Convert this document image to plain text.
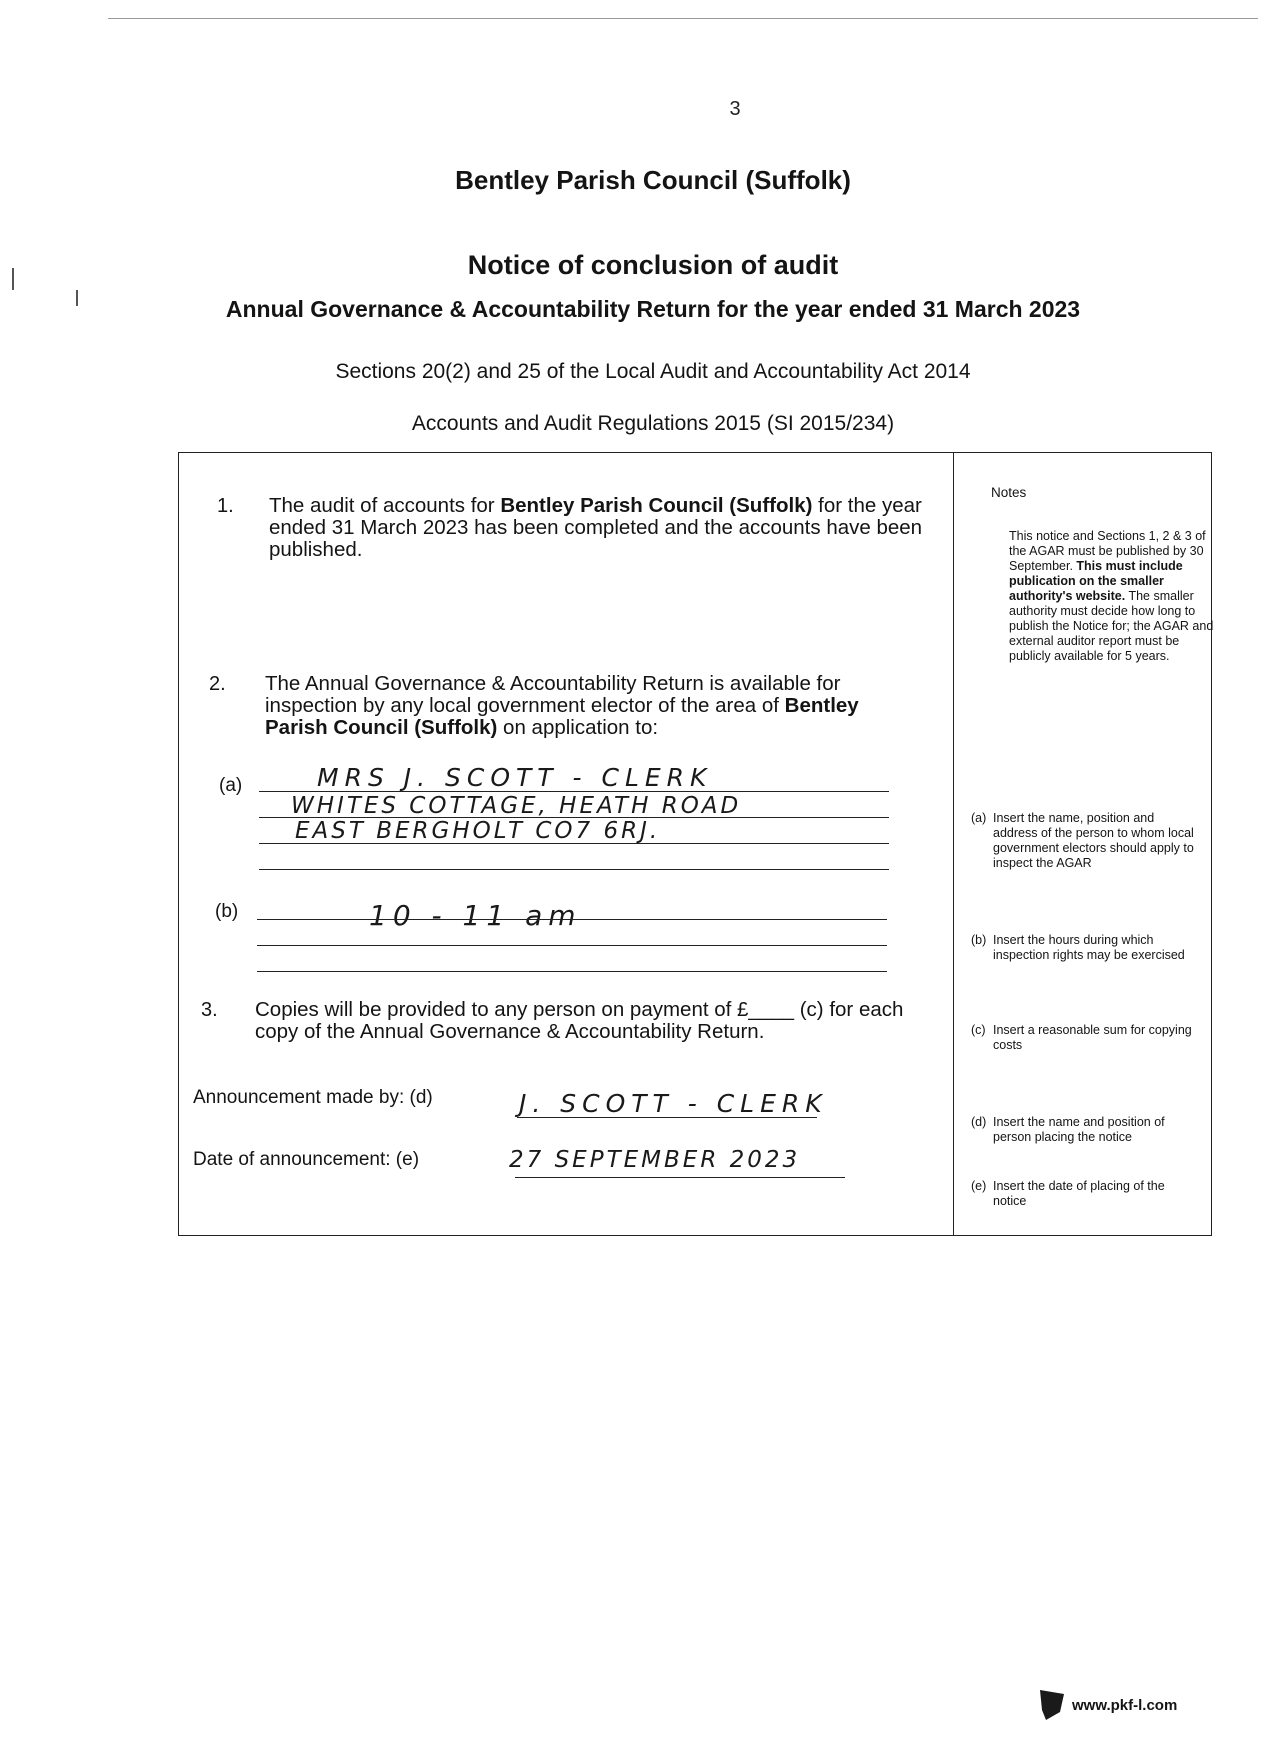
3
Bentley Parish Council (Suffolk)
Notice of conclusion of audit
Annual Governance & Accountability Return for the year ended 31 March 2023
Sections 20(2) and 25 of the Local Audit and Accountability Act 2014
Accounts and Audit Regulations 2015 (SI 2015/234)
1. The audit of accounts for Bentley Parish Council (Suffolk) for the year ended 31 March 2023 has been completed and the accounts have been published.
2. The Annual Governance & Accountability Return is available for inspection by any local government elector of the area of Bentley Parish Council (Suffolk) on application to:
(a)	MRS J. SCOTT - CLERK
WHITES COTTAGE, HEATH ROAD
EAST BERGHOLT CO7 6RJ.
(b)	10 - 11 am
3. Copies will be provided to any person on payment of £____ (c) for each
copy of the Annual Governance & Accountability Return.
Announcement made by: (d)	J. SCOTT - CLERK
Date of announcement: (e)	27 SEPTEMBER 2023
Notes
This notice and Sections 1, 2 & 3 of the AGAR must be published by 30 September. This must include publication on the smaller authority's website. The smaller authority must decide how long to publish the Notice for; the AGAR and external auditor report must be publicly available for 5 years.
(a) Insert the name, position and address of the person to whom local government electors should apply to inspect the AGAR
(b) Insert the hours during which inspection rights may be exercised
(c) Insert a reasonable sum for copying costs
(d) Insert the name and position of person placing the notice
(e) Insert the date of placing of the notice
www.pkf-l.com
